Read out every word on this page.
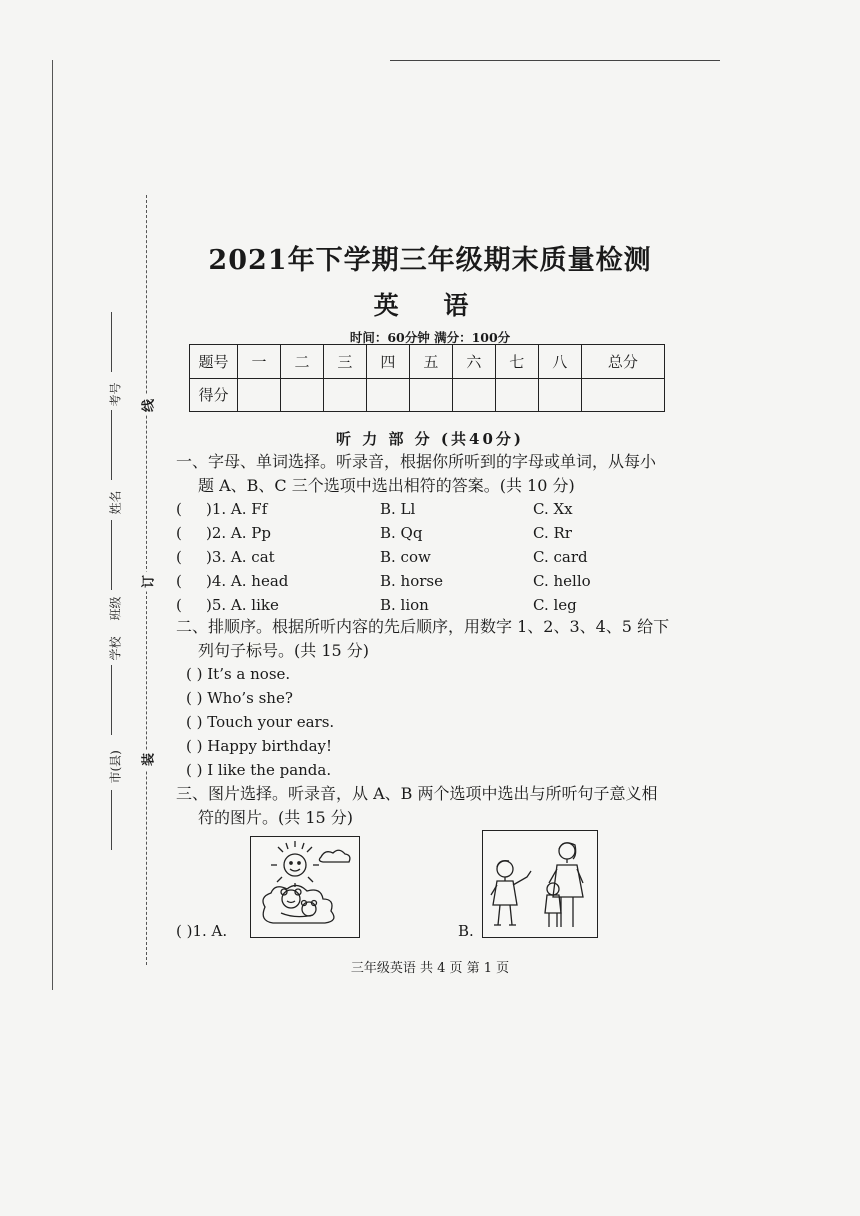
线
订
装
考号
姓名
班级
学校
市(县)
2021年下学期三年级期末质量检测
英 语
时间：60分钟 满分：100分
题号	一	二	三	四	五	六	七	八	总分
得分									
听 力 部 分 (共40分)
一、字母、单词选择。听录音，根据你所听到的字母或单词，从每小
题 A、B、C 三个选项中选出相符的答案。(共 10 分)
( )1. A. Ff	B. Ll	C. Xx
( )2. A. Pp	B. Qq	C. Rr
( )3. A. cat	B. cow	C. card
( )4. A. head	B. horse	C. hello
( )5. A. like	B. lion	C. leg
二、排顺序。根据所听内容的先后顺序，用数字 1、2、3、4、5 给下
列句子标号。(共 15 分)
( ) It’s a nose.
( ) Who’s she?
( ) Touch your ears.
( ) Happy birthday!
( ) I like the panda.
三、图片选择。听录音，从 A、B 两个选项中选出与所听句子意义相
符的图片。(共 15 分)
( )1. A.	B.
三年级英语 共 4 页 第 1 页
